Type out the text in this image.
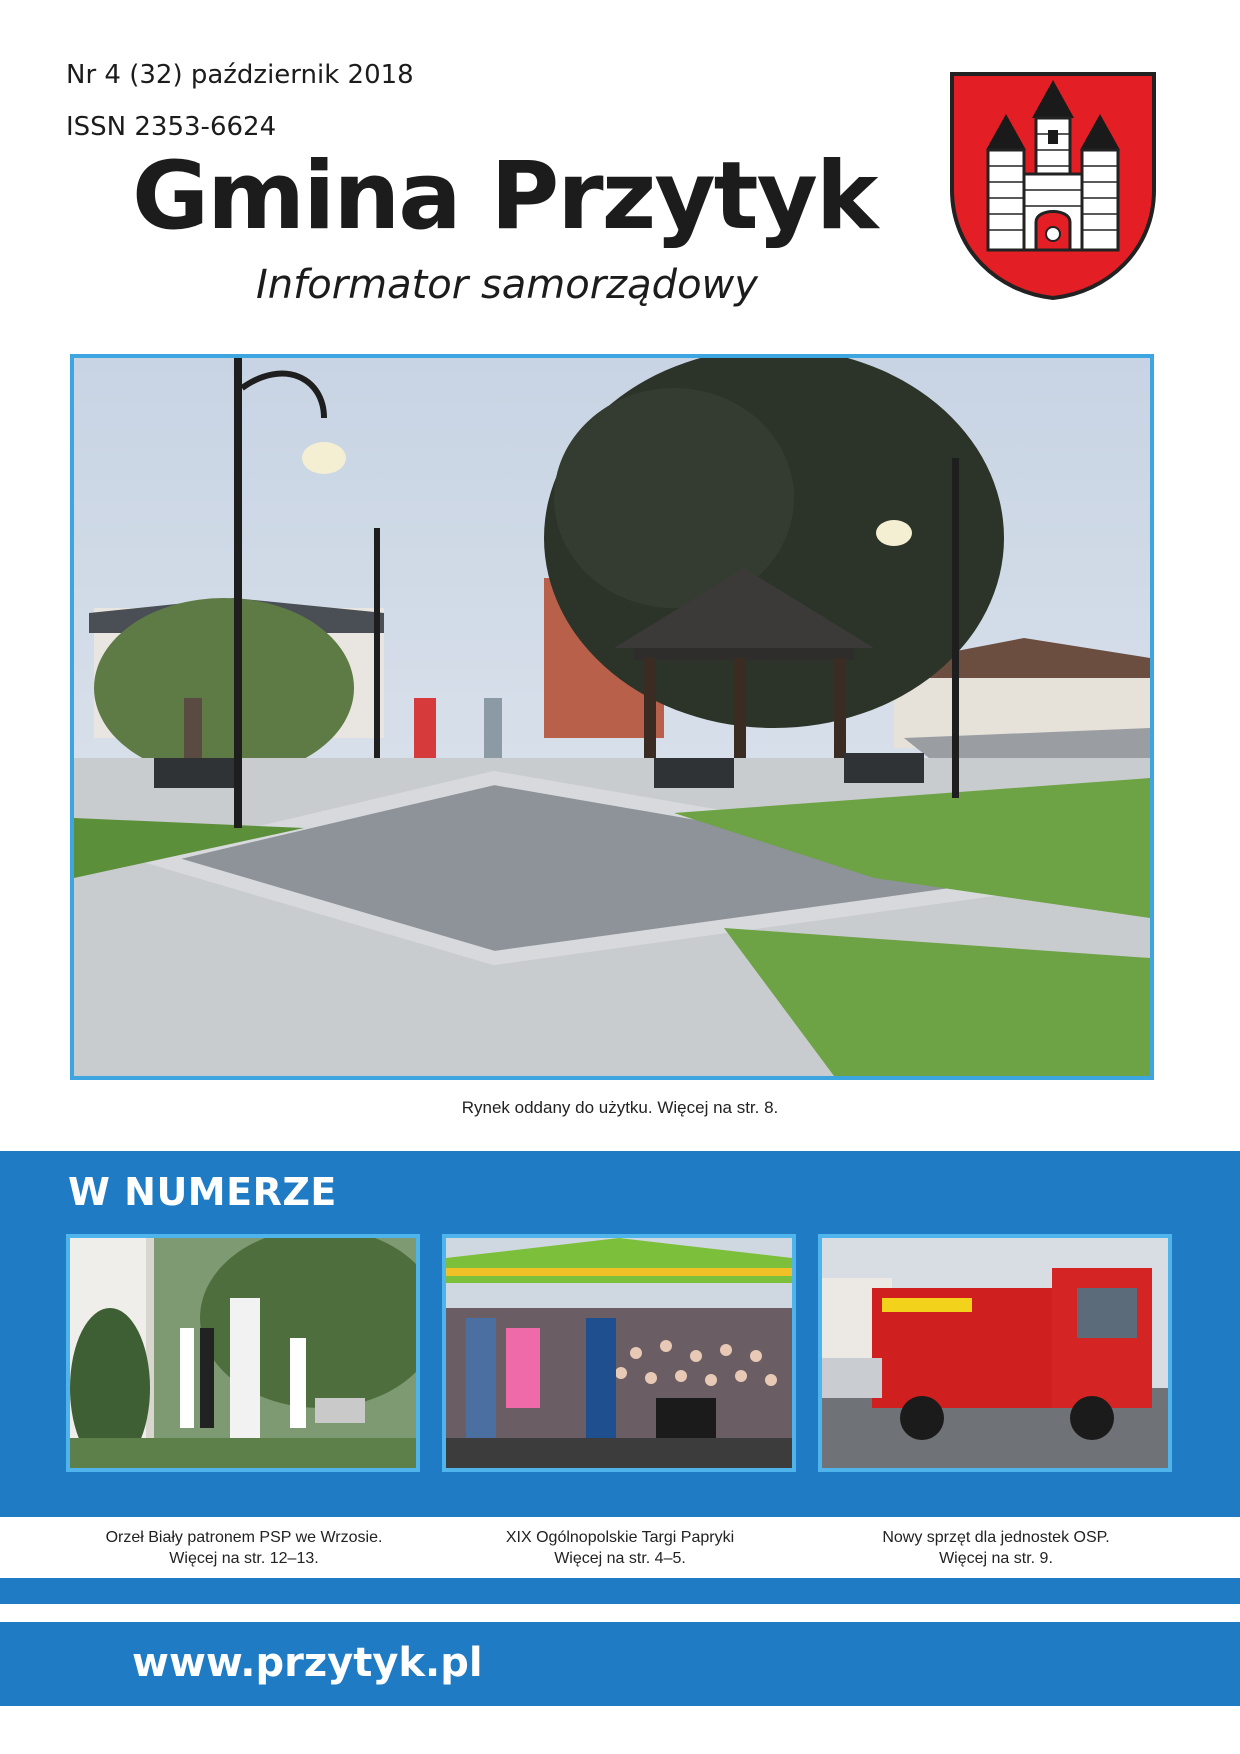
Nr 4 (32) październik 2018
ISSN 2353-6624
Gmina Przytyk
Informator samorządowy
Rynek oddany do użytku. Więcej na str. 8.
W NUMERZE
Orzeł Biały patronem PSP we Wrzosie.
Więcej na str. 12–13.
XIX Ogólnopolskie Targi Papryki
Więcej na str. 4–5.
Nowy sprzęt dla jednostek OSP.
Więcej na str. 9.
www.przytyk.pl
